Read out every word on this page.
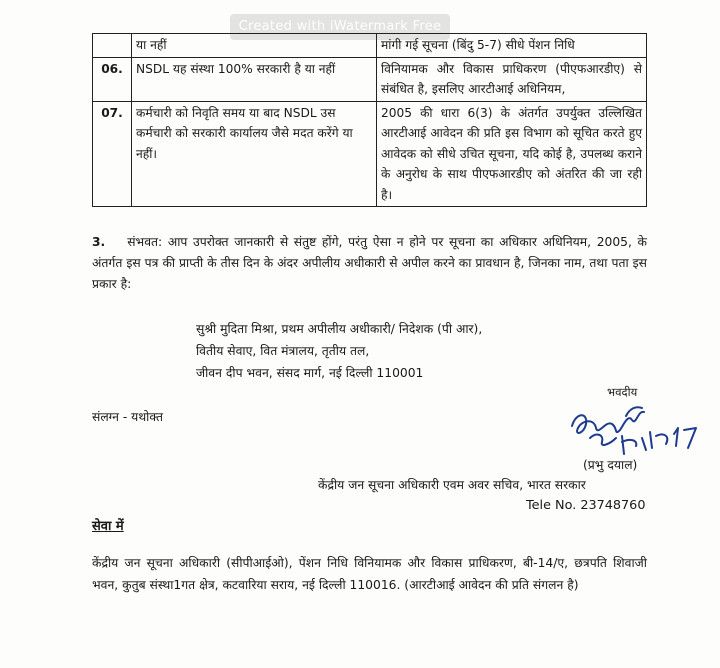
Created with iWatermark Free
	या नहीं	मांगी गई सूचना (बिंदु 5-7) सीधे पेंशन निधि
06.	NSDL यह संस्था 100% सरकारी है या नहीं	विनियामक और विकास प्राधिकरण (पीएफआरडीए) से संबंधित है, इसलिए आरटीआई अधिनियम,
07.	कर्मचारी को निवृति समय या बाद NSDL उस कर्मचारी को सरकारी कार्यालय जैसे मदत करेंगे या नहीं।	2005 की धारा 6(3) के अंतर्गत उपर्युक्त उल्लिखित आरटीआई आवेदन की प्रति इस विभाग को सूचित करते हुए आवेदक को सीधे उचित सूचना, यदि कोई है, उपलब्ध कराने के अनुरोध के साथ पीएफआरडीए को अंतरित की जा रही है।
3. संभवत: आप उपरोक्त जानकारी से संतुष्ट होंगे, परंतु ऐसा न होने पर सूचना का अधिकार अधिनियम, 2005, के अंतर्गत इस पत्र की प्राप्ती के तीस दिन के अंदर अपीलीय अधीकारी से अपील करने का प्रावधान है, जिनका नाम, तथा पता इस प्रकार है:
सुश्री मुदिता मिश्रा, प्रथम अपीलीय अधीकारी/ निदेशक (पी आर),
वितीय सेवाए, वित मंत्रालय, तृतीय तल,
जीवन दीप भवन, संसद मार्ग, नई दिल्ली 110001
संलग्न - यथोक्त
भवदीय
(प्रभु दयाल)
केंद्रीय जन सूचना अधिकारी एवम अवर सचिव, भारत सरकार
Tele No. 23748760
सेवा में
केंद्रीय जन सूचना अधिकारी (सीपीआईओ), पेंशन निधि विनियामक और विकास प्राधिकरण, बी-14/ए, छत्रपति शिवाजी भवन, कुतुब संस्था1गत क्षेत्र, कटवारिया सराय, नई दिल्ली 110016. (आरटीआई आवेदन की प्रति संगलन है)
